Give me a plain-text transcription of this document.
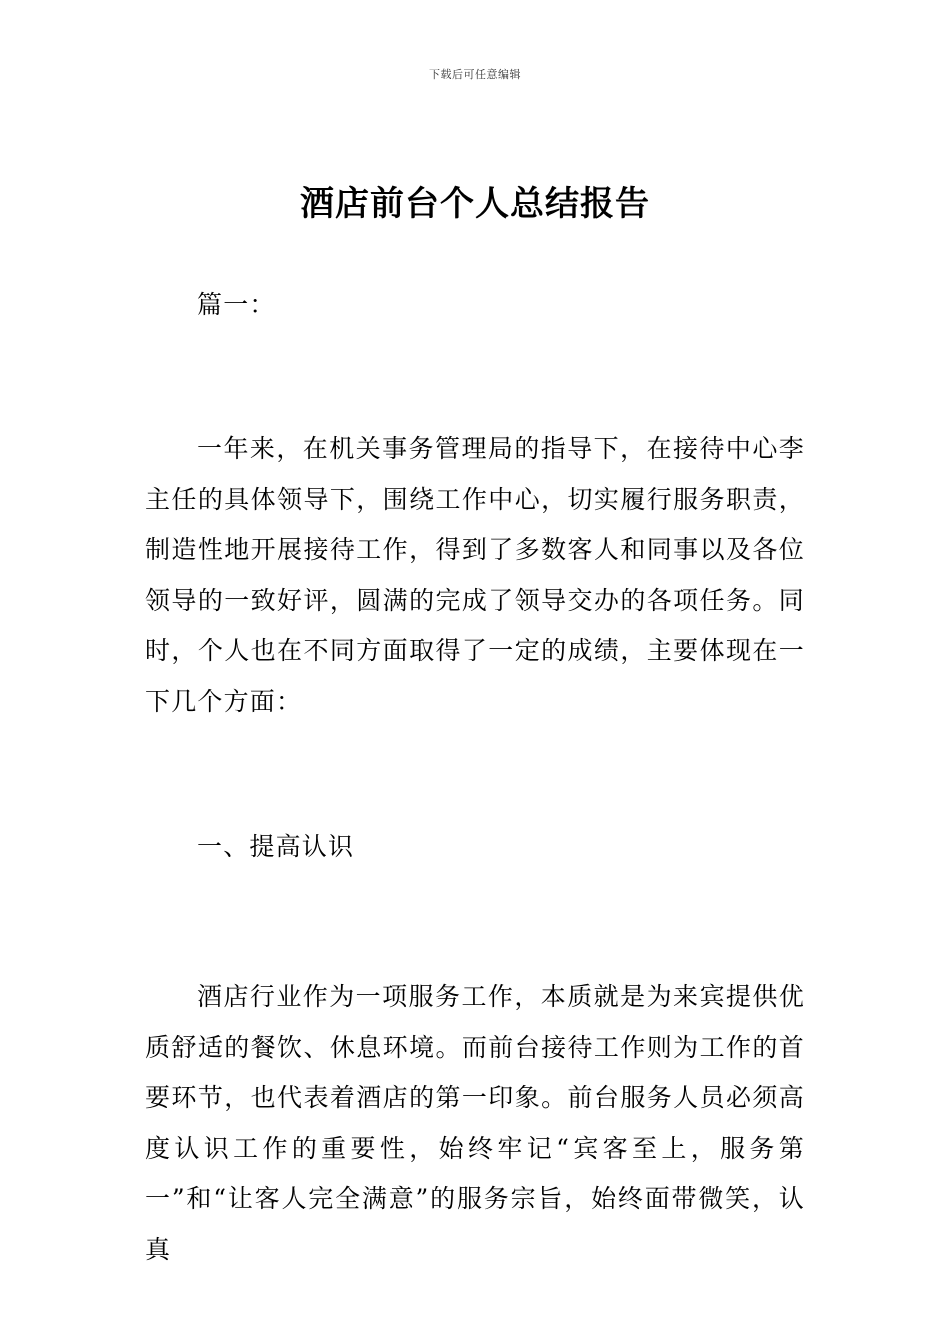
下载后可任意编辑
酒店前台个人总结报告

篇一：

一年来，在机关事务管理局的指导下，在接待中心李主任的具体领导下，围绕工作中心，切实履行服务职责，制造性地开展接待工作，得到了多数客人和同事以及各位领导的一致好评，圆满的完成了领导交办的各项任务。同时，个人也在不同方面取得了一定的成绩，主要体现在一下几个方面：

一、提高认识

酒店行业作为一项服务工作，本质就是为来宾提供优质舒适的餐饮、休息环境。而前台接待工作则为工作的首要环节，也代表着酒店的第一印象。前台服务人员必须高度认识工作的重要性，始终牢记“宾客至上，服务第一”和“让客人完全满意”的服务宗旨，始终面带微笑，认真
